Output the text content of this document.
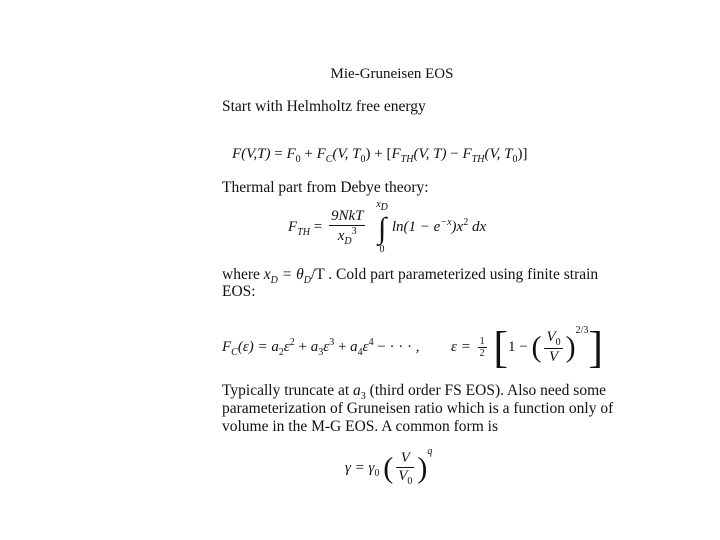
Mie-Gruneisen EOS
Start with Helmholtz free energy
$F(V,T) = F_0 + F_C(V$, $T_0) + [F_{TH}(V$, $T) - F_{TH}(V$, $T_0$)]
Thermal part from Debye theory:
$F_{TH} = \frac{\text{9NkT}}{x_D^3}$
$x_D$
∫
$0\ln(1 - e^{-x})x^2$ dx
where $x_D = \theta_D/T$ . Cold part parameterized using finite strain
EOS:
$F_C(\varepsilon) = a_2\varepsilon^2 + a_3\varepsilon^3 + a_4\varepsilon^4$ − · · · , $\varepsilon = \frac{1}{2} [1$ − ( $\frac{V_0}{V} )^{2/3}$]
Typically truncate at $a_3$ (third order FS EOS). Also need some
parameterization of Gruneisen ratio which is a function only of
volume in the M-G EOS. A common form is
$\gamma = \gamma_0$ ( $\frac{V}{V_0} )^q$
